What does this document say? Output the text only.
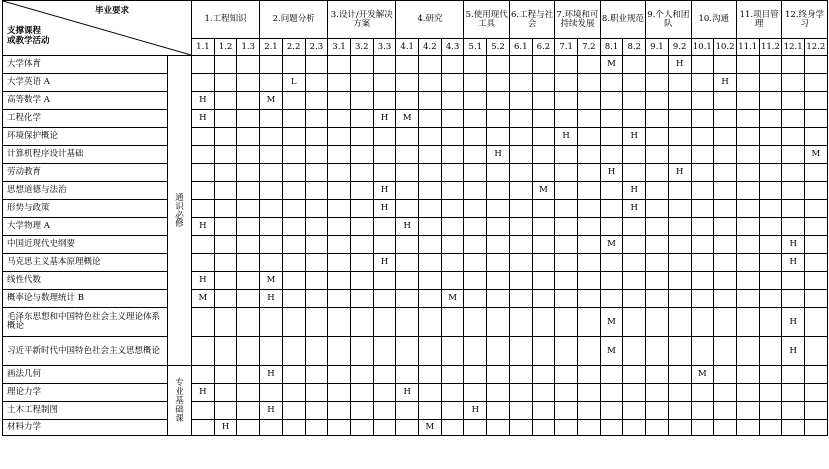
毕业要求
支撑课程
或教学活动		1.工程知识			2.问题分析			3.设计/开发解决方案			4.研究			5.使用现代工具		6.工程与社会		7.环境和可持续发展		8.职业规范		9.个人和团队		10.沟通		11.项目管理		12.终身学习	
		1.1	1.2	1.3	2.1	2.2	2.3	3.1	3.2	3.3	4.1	4.2	4.3	5.1	5.2	6.1	6.2	7.1	7.2	8.1	8.2	9.1	9.2	10.1	10.2	11.1	11.2	12.1	12.2
大学体育	通识必修																			M			H						
大学英语 A						L																			H				
高等数学 A		H			M																								
工程化学		H								H	M																		
环境保护概论																		H			H								
计算机程序设计基础															H														M
劳动教育																				H			H						
思想道德与法治										H							M				H								
形势与政策										H											H								
大学物理 A		H									H																		
中国近现代史纲要																				M								H	
马克思主义基本原理概论										H																		H	
线性代数		H			M																								
概率论与数理统计 B		M			H								M																
毛泽东思想和中国特色社会主义理论体系概论																				M								H	
习近平新时代中国特色社会主义思想概论																				M								H	
画法几何	专业基础课				H																			M					
理论力学		H									H																		
土木工程制图					H									H															
材料力学			H									M																	
